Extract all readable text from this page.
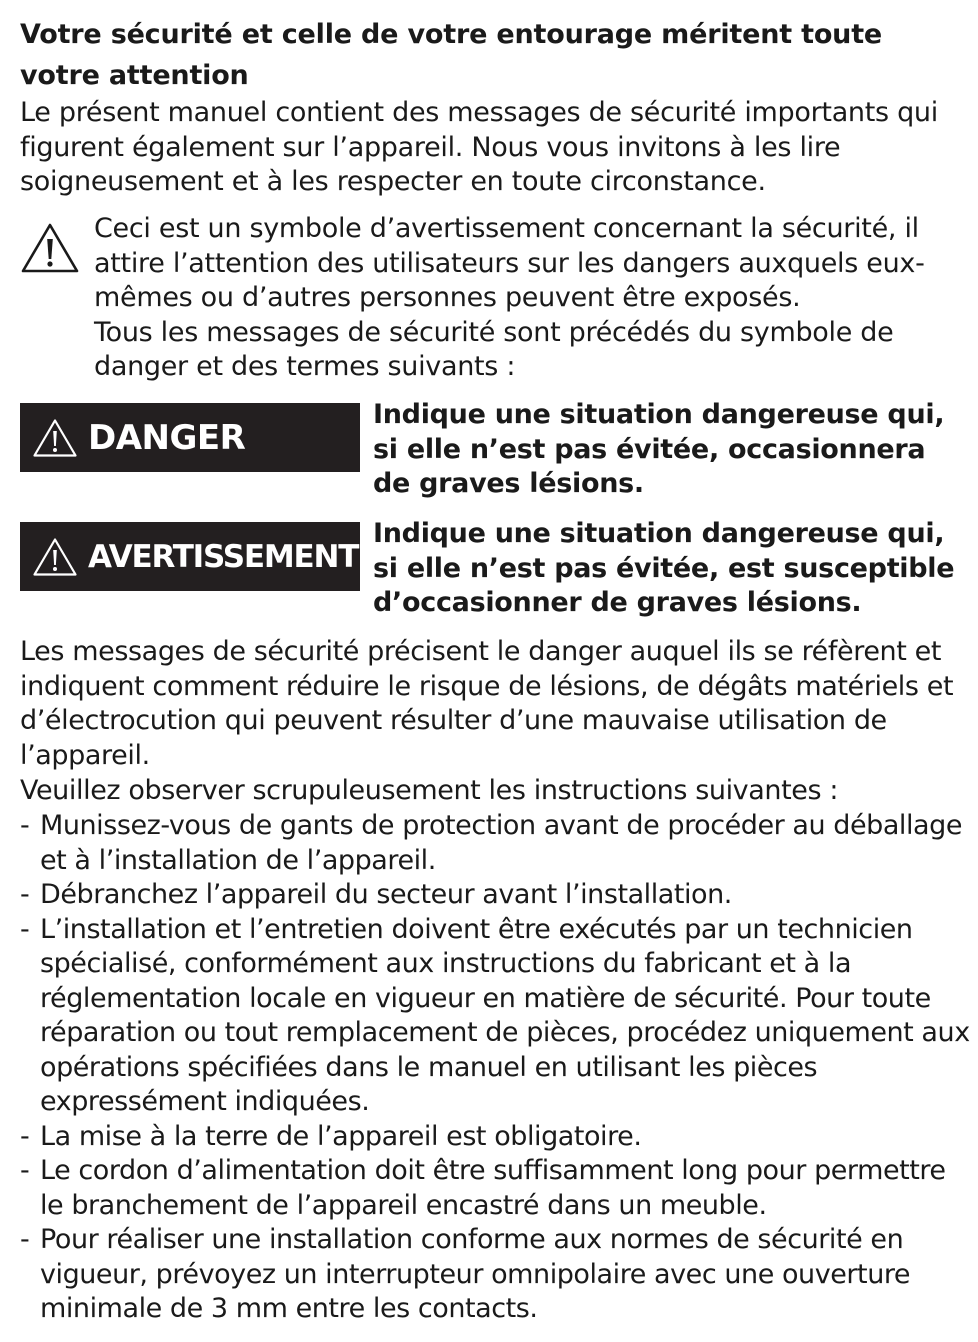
Votre sécurité et celle de votre entourage méritent toute votre attention
Le présent manuel contient des messages de sécurité importants qui figurent également sur l’appareil. Nous vous invitons à les lire soigneusement et à les respecter en toute circonstance.
Ceci est un symbole d’avertissement concernant la sécurité, il attire l’attention des utilisateurs sur les dangers auxquels eux-mêmes ou d’autres personnes peuvent être exposés.
Tous les messages de sécurité sont précédés du symbole de danger et des termes suivants :
DANGER
Indique une situation dangereuse qui, si elle n’est pas évitée, occasionnera de graves lésions.
AVERTISSEMENT
Indique une situation dangereuse qui, si elle n’est pas évitée, est susceptible d’occasionner de graves lésions.
Les messages de sécurité précisent le danger auquel ils se réfèrent et indiquent comment réduire le risque de lésions, de dégâts matériels et d’électrocution qui peuvent résulter d’une mauvaise utilisation de l’appareil.
Veuillez observer scrupuleusement les instructions suivantes :
- Munissez-vous de gants de protection avant de procéder au déballage et à l’installation de l’appareil.
- Débranchez l’appareil du secteur avant l’installation.
- L’installation et l’entretien doivent être exécutés par un technicien spécialisé, conformément aux instructions du fabricant et à la réglementation locale en vigueur en matière de sécurité. Pour toute réparation ou tout remplacement de pièces, procédez uniquement aux opérations spécifiées dans le manuel en utilisant les pièces expressément indiquées.
- La mise à la terre de l’appareil est obligatoire.
- Le cordon d’alimentation doit être suffisamment long pour permettre le branchement de l’appareil encastré dans un meuble.
- Pour réaliser une installation conforme aux normes de sécurité en vigueur, prévoyez un interrupteur omnipolaire avec une ouverture minimale de 3 mm entre les contacts.
